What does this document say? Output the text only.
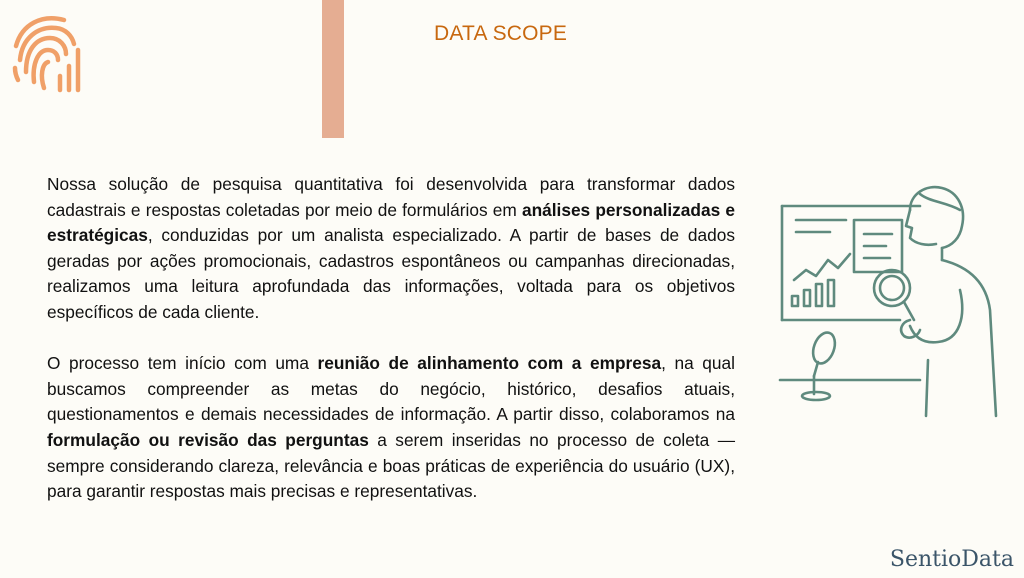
DATA SCOPE

Nossa solução de pesquisa quantitativa foi desenvolvida para transformar dados cadastrais e respostas coletadas por meio de formulários em análises personalizadas e estratégicas, conduzidas por um analista especializado. A partir de bases de dados geradas por ações promocionais, cadastros espontâneos ou campanhas direcionadas, realizamos uma leitura aprofundada das informações, voltada para os objetivos específicos de cada cliente.

O processo tem início com uma reunião de alinhamento com a empresa, na qual buscamos compreender as metas do negócio, histórico, desafios atuais, questionamentos e demais necessidades de informação. A partir disso, colaboramos na formulação ou revisão das perguntas a serem inseridas no processo de coleta — sempre considerando clareza, relevância e boas práticas de experiência do usuário (UX), para garantir respostas mais precisas e representativas.

SentioData
